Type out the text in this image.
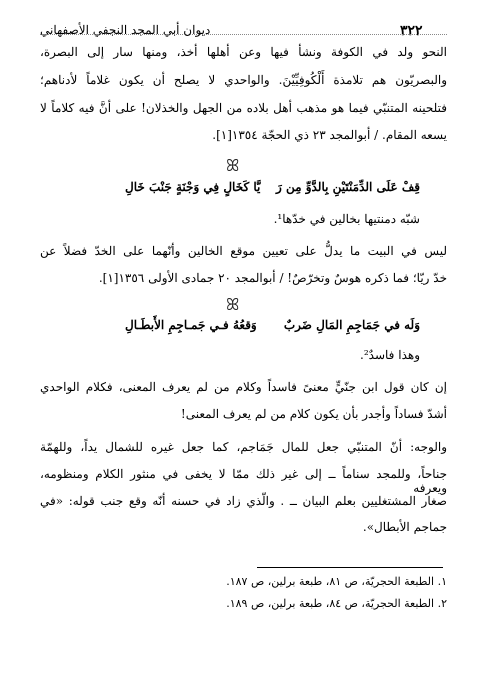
٣٢٢
ديوان أبي المجد النجفي الأصفهاني
النحو ولد في الكوفة ونشأ فيها وعن أهلها أخذ، ومنها سار إلى البصرة،
والبصريّون هم تلامذة أَلْكُوفِيِّيْنَ. والواحدي لا يصلح أن يكون غلاماً لأدناهم؛
فتلحينه المتنبّي فيما هو مذهب أهل بلاده من الجهل والخذلان! على أنَّ فيه كلاماً لا
يسعه المقام. / أبوالمجد ٢٣ ذي الحجّة ١٣٥٤[١].
ꕤ
قِفْ عَلَى الدِّمَنْتَيْنِ بِالدَّوِّ مِن رَ
يَّا كَخَالٍ فِي وَجْنَةٍ جَنْبَ خَالِ
شبّه دمنتيها بخالين في خدّها¹.
ليس في البيت ما يدلُّ على تعيين موقع الخالين وأنّهما على الخدّ فضلاً عن
خدّ ريّا؛ فما ذكره هوسٌ وتخرّصٌ! / أبوالمجد ٢٠ جمادى الأولى ١٣٥٦[١].
ꕤ
وَلَه في جَمَاجِمِ المَالِ ضَربٌ
وَقعُهُ فـي جَمـاجِمِ الأَبطَـالِ
وهذا فاسدٌ².
إن كان قول ابن جنّيٍّ معنىً فاسداً وكلام من لم يعرف المعنى، فكلام الواحدي
أشدّ فساداً وأجدر بأن يكون كلام من لم يعرف المعنى!
والوجه: أنّ المتنبّي جعل للمال جَمَاجم، كما جعل غيره للشمال يداً، وللهمّة
جناحاً، وللمجد سناماً ــ إلى غير ذلك ممّا لا يخفى في منثور الكلام ومنظومه، ويعرفه
صغار المشتغليين بعلم البيان ــ . والّذي زاد في حسنه أنّه وقع جنب قوله: «في
جماجم الأبطال».
١. الطبعة الحجريّة، ص ٨١، طبعة برلين، ص ١٨٧.
٢. الطبعة الحجريّة، ص ٨٤، طبعة برلين، ص ١٨٩.
